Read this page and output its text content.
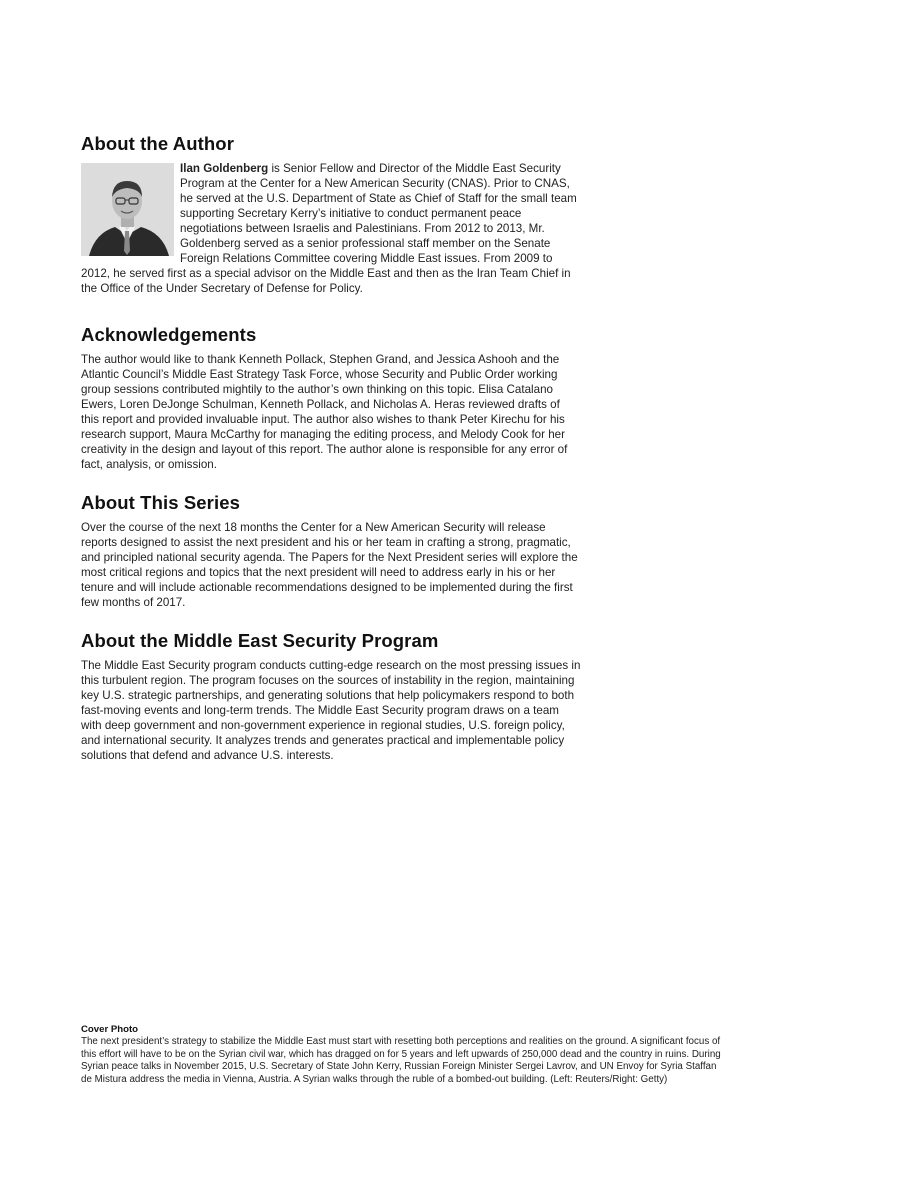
About the Author

Ilan Goldenberg is Senior Fellow and Director of the Middle East Security Program at the Center for a New American Security (CNAS). Prior to CNAS, he served at the U.S. Department of State as Chief of Staff for the small team supporting Secretary Kerry’s initiative to conduct permanent peace negotiations between Israelis and Palestinians. From 2012 to 2013, Mr. Goldenberg served as a senior professional staff member on the Senate Foreign Relations Committee covering Middle East issues. From 2009 to 2012, he served first as a special advisor on the Middle East and then as the Iran Team Chief in the Office of the Under Secretary of Defense for Policy.

Acknowledgements

The author would like to thank Kenneth Pollack, Stephen Grand, and Jessica Ashooh and the Atlantic Council’s Middle East Strategy Task Force, whose Security and Public Order working group sessions contributed mightily to the author’s own thinking on this topic. Elisa Catalano Ewers, Loren DeJonge Schulman, Kenneth Pollack, and Nicholas A. Heras reviewed drafts of this report and provided invaluable input. The author also wishes to thank Peter Kirechu for his research support, Maura McCarthy for managing the editing process, and Melody Cook for her creativity in the design and layout of this report. The author alone is responsible for any error of fact, analysis, or omission.

About This Series

Over the course of the next 18 months the Center for a New American Security will release reports designed to assist the next president and his or her team in crafting a strong, pragmatic, and principled national security agenda. The Papers for the Next President series will explore the most critical regions and topics that the next president will need to address early in his or her tenure and will include actionable recommendations designed to be implemented during the first few months of 2017.

About the Middle East Security Program

The Middle East Security program conducts cutting-edge research on the most pressing issues in this turbulent region. The program focuses on the sources of instability in the region, maintaining key U.S. strategic partnerships, and generating solutions that help policymakers respond to both fast-moving events and long-term trends. The Middle East Security program draws on a team with deep government and non-government experience in regional studies, U.S. foreign policy, and international security. It analyzes trends and generates practical and implementable policy solutions that defend and advance U.S. interests.

Cover Photo

The next president’s strategy to stabilize the Middle East must start with resetting both perceptions and realities on the ground. A significant focus of this effort will have to be on the Syrian civil war, which has dragged on for 5 years and left upwards of 250,000 dead and the country in ruins. During Syrian peace talks in November 2015, U.S. Secretary of State John Kerry, Russian Foreign Minister Sergei Lavrov, and UN Envoy for Syria Staffan de Mistura address the media in Vienna, Austria. A Syrian walks through the ruble of a bombed-out building. (Left: Reuters/Right: Getty)
